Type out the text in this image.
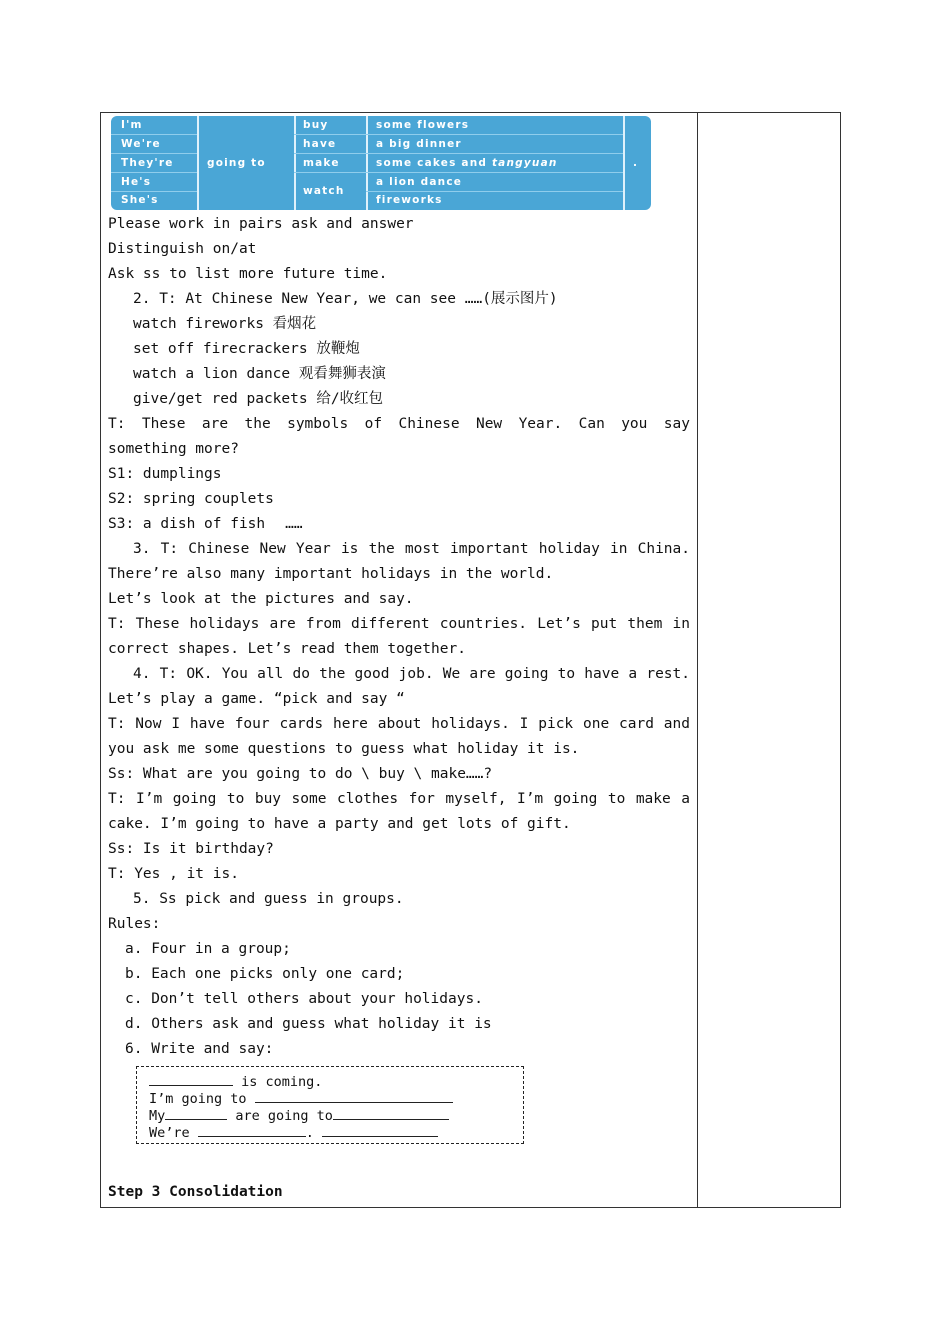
I'm
We're
They're
He's
She's
going to
buy
have
make
watch
some flowers
a big dinner
some cakes and tangyuan
a lion dance
fireworks
.

Please work in pairs ask and answer

Distinguish on/at

Ask ss to list more future time.

2. T: At Chinese New Year, we can see ……(展示图片)

watch fireworks 看烟花

set off firecrackers 放鞭炮

watch a lion dance 观看舞狮表演

give/get red packets 给/收红包

T: These are the symbols of Chinese New Year. Can you say something more?

S1: dumplings

S2: spring couplets

S3: a dish of fish ……

3. T: Chinese New Year is the most important holiday in China. There’re also many important holidays in the world.

Let’s look at the pictures and say.

T: These holidays are from different countries. Let’s put them in correct shapes. Let’s read them together.

4. T: OK. You all do the good job. We are going to have a rest. Let’s play a game. “pick and say “

T: Now I have four cards here about holidays. I pick one card and you ask me some questions to guess what holiday it is.

Ss: What are you going to do \ buy \ make……?

T: I’m going to buy some clothes for myself, I’m going to make a cake. I’m going to have a party and get lots of gift.

Ss: Is it birthday?

T: Yes , it is.

5. Ss pick and guess in groups.

Rules:

a. Four in a group;

b. Each one picks only one card;

c. Don’t tell others about your holidays.

d. Others ask and guess what holiday it is

6. Write and say:

is coming.

I’m going to

My	are going to

We’re	.

Step 3 Consolidation
